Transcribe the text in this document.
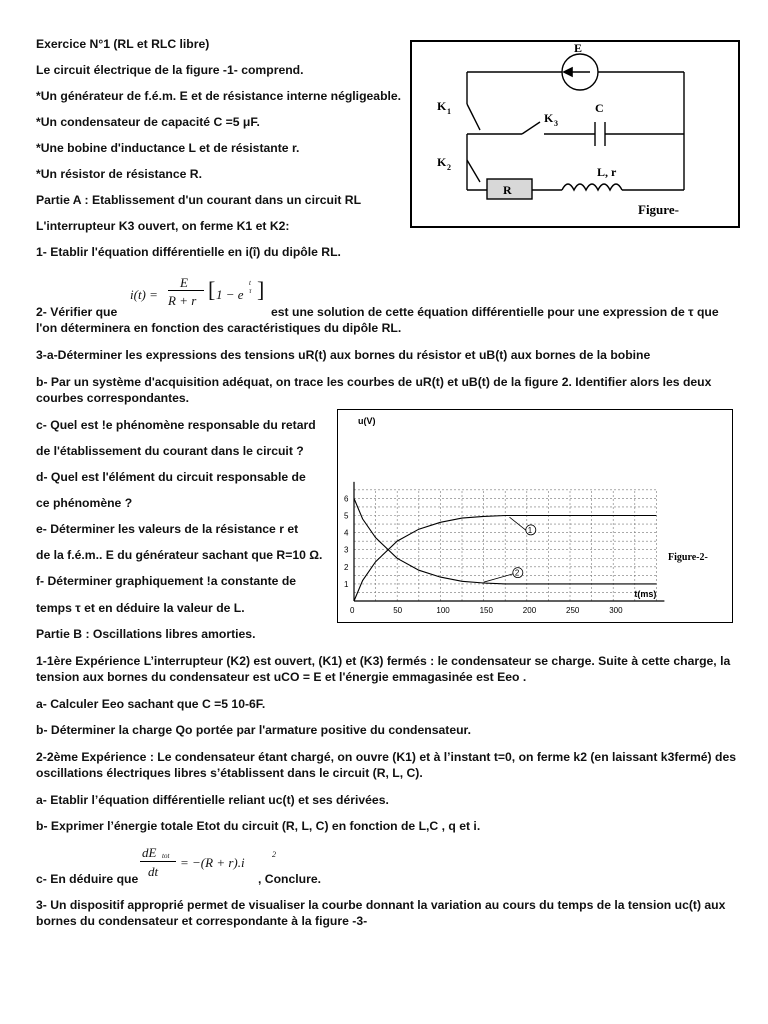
Exercice N°1 (RL et RLC libre)
Le circuit électrique de la figure -1- comprend.
*Un générateur de f.é.m. E et de résistance interne négligeable.
*Un condensateur de capacité C =5 μF.
*Une bobine d'inductance L et de résistante r.
*Un résistor de résistance R.
Partie A : Etablissement d'un courant dans un circuit RL
L'interrupteur K3 ouvert, on ferme K1 et K2:
1- Etablir l'équation différentielle en i(î) du dipôle RL.
i(t) =
E
R + r [ 1 − e
t
τ ]
2- Vérifier que	est une solution de cette équation différentielle pour une expression de τ que
l'on déterminera en fonction des caractéristiques du dipôle RL.
3-a-Déterminer les expressions des tensions uR(t) aux bornes du résistor et uB(t) aux bornes de la bobine
b- Par un système d'acquisition adéquat, on trace les courbes de uR(t) et uB(t) de la figure 2. Identifier alors les deux
courbes correspondantes.
c- Quel est !e phénomène responsable du retard
de l'établissement du courant dans le circuit ?
d- Quel est l'élément du circuit responsable de
ce phénomène ?
e- Déterminer les valeurs de la résistance r et
de la f.é.m.. E du générateur sachant que R=10 Ω.
f- Déterminer graphiquement !a constante de
temps τ et en déduire la valeur de L.
Partie B : Oscillations libres amorties.
1-1ère Expérience L’interrupteur (K2) est ouvert, (K1) et (K3) fermés : le condensateur se charge. Suite à cette charge, la
tension aux bornes du condensateur est uCO = E et l'énergie emmagasinée est Eeo .
a- Calculer Eeo sachant que C =5 10-6F.
b- Déterminer la charge Qo portée par l'armature positive du condensateur.
2-2ème Expérience : Le condensateur étant chargé, on ouvre (K1) et à l’instant t=0, on ferme k2 (en laissant k3fermé) des
oscillations électriques libres s’établissent dans le circuit (R, L, C).
a- Etablir l’équation différentielle reliant uc(t) et ses dérivées.
b- Exprimer l’énergie totale Etot du circuit (R, L, C) en fonction de L,C , q et i.
dE tot
dt
= −(R + r).i
2
c- En déduire que	, Conclure.
3- Un dispositif approprié permet de visualiser la courbe donnant la variation au cours du temps de la tension uc(t) aux
bornes du condensateur et correspondante à la figure -3-
E
K 1	K 3
C
K 2
R
L, r
Figure-
0	50	100	150	200	250	300
1
2
3
4
5
6
u(V)
t(ms)
Figure-2-
1
2
